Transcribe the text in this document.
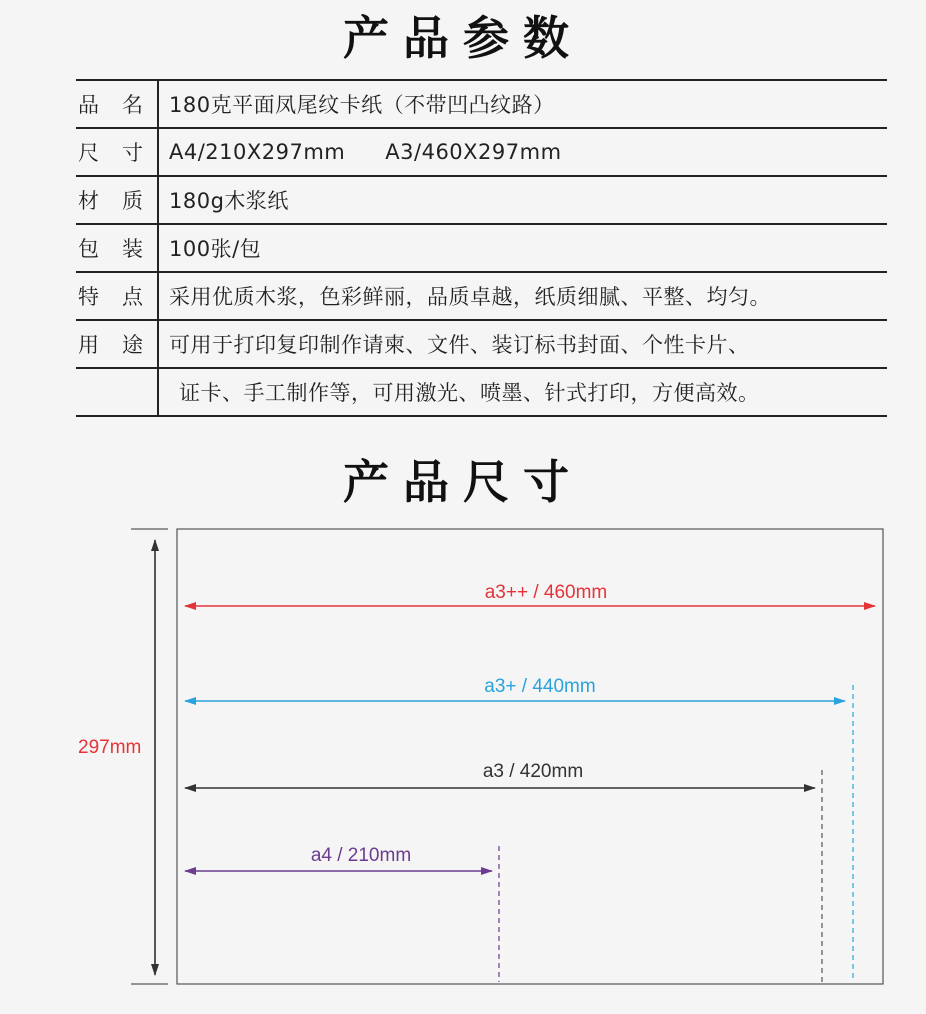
产品参数
品名	180克平面凤尾纹卡纸（不带凹凸纹路）
尺寸	A4/210X297mm A3/460X297mm
材质	180g木浆纸
包装	100张/包
特点	采用优质木浆，色彩鲜丽，品质卓越，纸质细腻、平整、均匀。
用途	可用于打印复印制作请柬、文件、装订标书封面、个性卡片、
	证卡、手工制作等，可用激光、喷墨、针式打印，方便高效。
产品尺寸
297mm
a3++ / 460mm
a3+ / 440mm
a3 / 420mm
a4 / 210mm
